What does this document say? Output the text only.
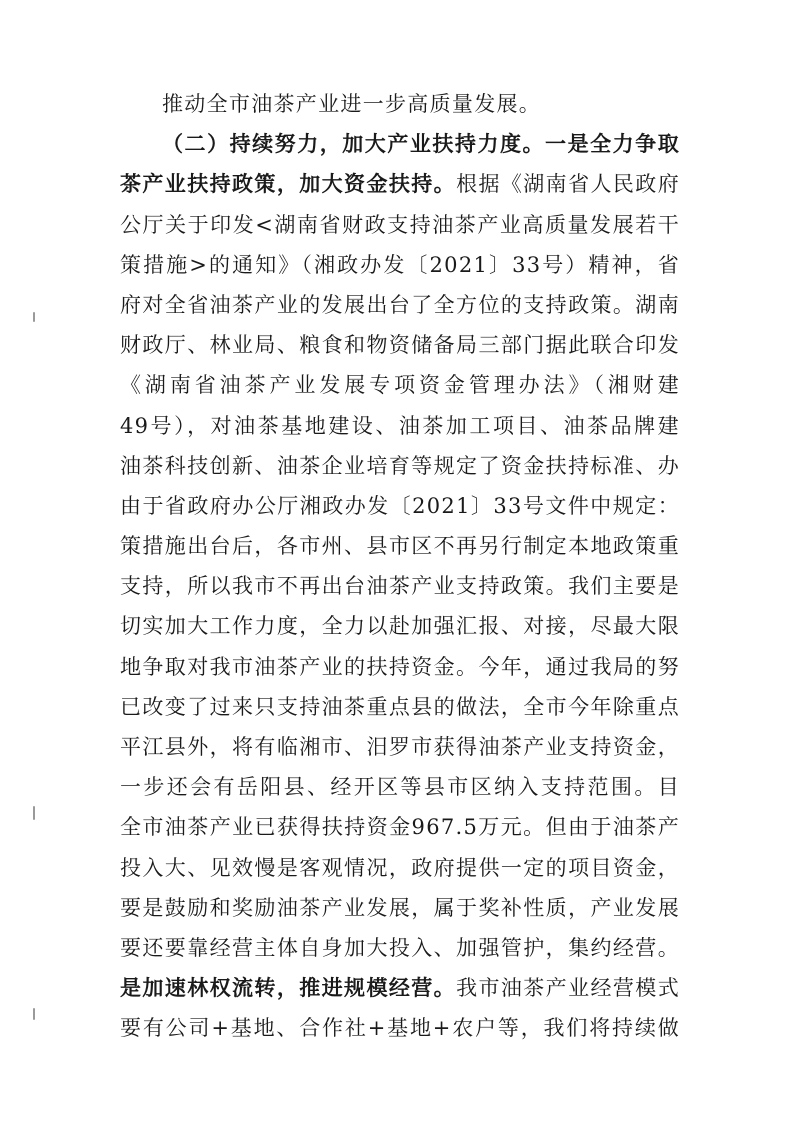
推动全市油茶产业进一步高质量发展。
（二）持续努力，加大产业扶持力度。一是全力争取
茶产业扶持政策，加大资金扶持。根据《湖南省人民政府
公厅关于印发<湖南省财政支持油茶产业高质量发展若干
策措施>的通知》（湘政办发〔2021〕33号）精神，省
府对全省油茶产业的发展出台了全方位的支持政策。湖南
财政厅、林业局、粮食和物资储备局三部门据此联合印发
《湖南省油茶产业发展专项资金管理办法》（湘财建
49号），对油茶基地建设、油茶加工项目、油茶品牌建
油茶科技创新、油茶企业培育等规定了资金扶持标准、办
由于省政府办公厅湘政办发〔2021〕33号文件中规定：
策措施出台后，各市州、县市区不再另行制定本地政策重
支持，所以我市不再出台油茶产业支持政策。我们主要是
切实加大工作力度，全力以赴加强汇报、对接，尽最大限
地争取对我市油茶产业的扶持资金。今年，通过我局的努
已改变了过来只支持油茶重点县的做法，全市今年除重点
平江县外，将有临湘市、汨罗市获得油茶产业支持资金，
一步还会有岳阳县、经开区等县市区纳入支持范围。目
全市油茶产业已获得扶持资金967.5万元。但由于油茶产
投入大、见效慢是客观情况，政府提供一定的项目资金，
要是鼓励和奖励油茶产业发展，属于奖补性质，产业发展
要还要靠经营主体自身加大投入、加强管护，集约经营。
是加速林权流转，推进规模经营。我市油茶产业经营模式
要有公司+基地、合作社+基地+农户等，我们将持续做
